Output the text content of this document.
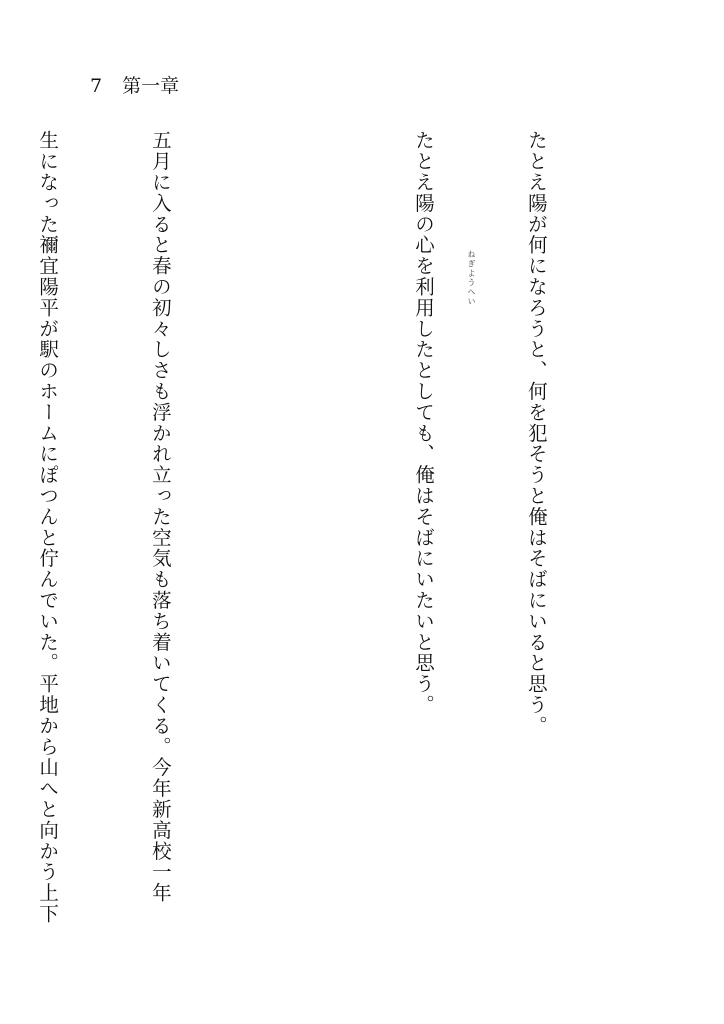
7 第一章

たとえ陽が何になろうと、何を犯そうと俺はそばにいると思う。

たとえ陽の心を利用したとしても、俺はそばにいたいと思う。

五月に入ると春の初々しさも浮かれ立った空気も落ち着いてくる。今年新高校一年

生になった禰宜陽平が駅のホームにぽつんと佇んでいた。平地から山へと向かう上下

	ねぎようへい
